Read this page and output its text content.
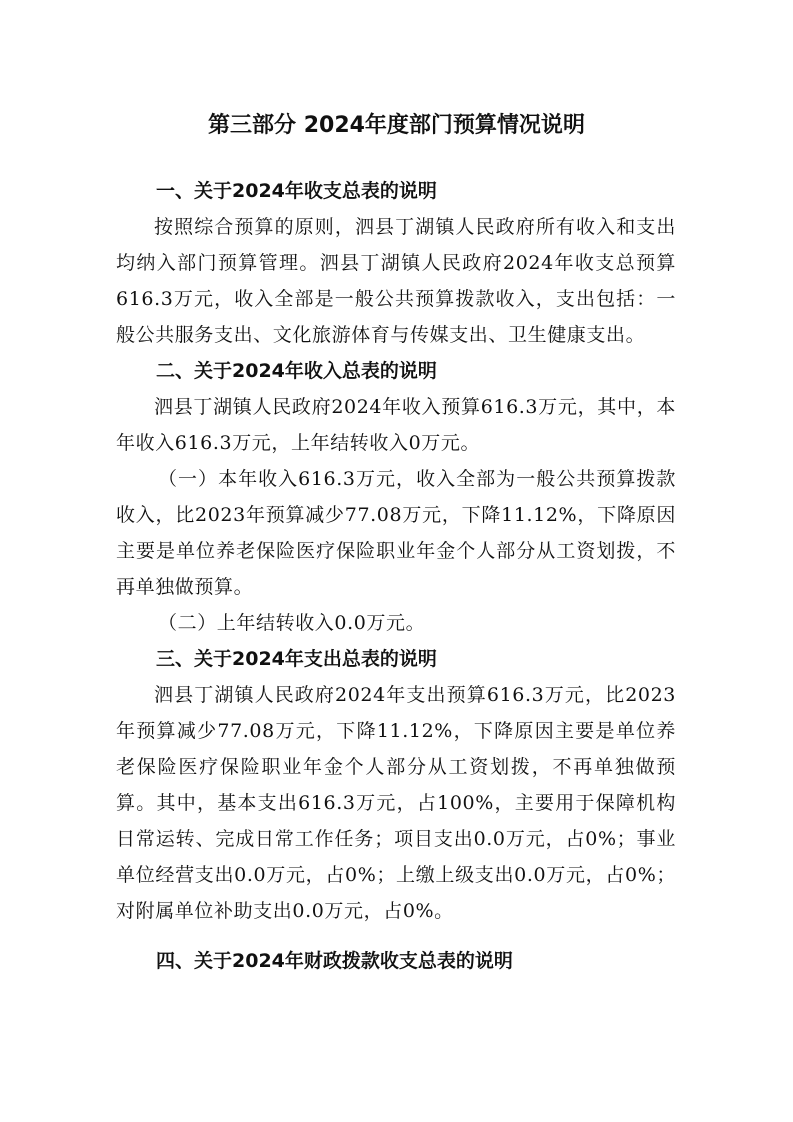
第三部分 2024年度部门预算情况说明

一、关于2024年收支总表的说明

按照综合预算的原则，泗县丁湖镇人民政府所有收入和支出均纳入部门预算管理。泗县丁湖镇人民政府2024年收支总预算616.3万元，收入全部是一般公共预算拨款收入，支出包括：一般公共服务支出、文化旅游体育与传媒支出、卫生健康支出。

二、关于2024年收入总表的说明

泗县丁湖镇人民政府2024年收入预算616.3万元，其中，本年收入616.3万元，上年结转收入0万元。

（一）本年收入616.3万元，收入全部为一般公共预算拨款收入，比2023年预算减少77.08万元，下降11.12%，下降原因主要是单位养老保险医疗保险职业年金个人部分从工资划拨，不再单独做预算。

（二）上年结转收入0.0万元。

三、关于2024年支出总表的说明

泗县丁湖镇人民政府2024年支出预算616.3万元，比2023年预算减少77.08万元，下降11.12%，下降原因主要是单位养老保险医疗保险职业年金个人部分从工资划拨，不再单独做预算。其中，基本支出616.3万元，占100%，主要用于保障机构日常运转、完成日常工作任务；项目支出0.0万元，占0%；事业单位经营支出0.0万元，占0%；上缴上级支出0.0万元，占0%；对附属单位补助支出0.0万元，占0%。

四、关于2024年财政拨款收支总表的说明
